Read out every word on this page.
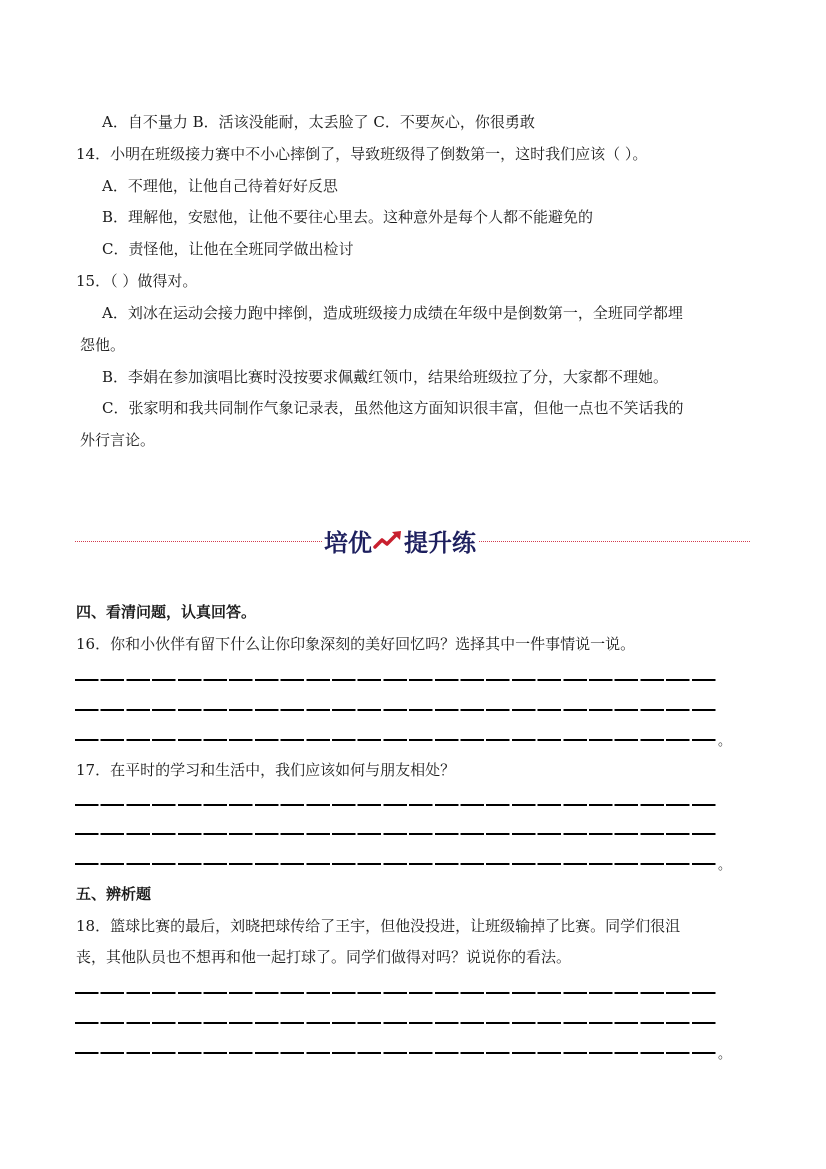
A．自不量力 B．活该没能耐，太丢脸了 C．不要灰心，你很勇敢
14．小明在班级接力赛中不小心摔倒了，导致班级得了倒数第一，这时我们应该（ ）。
A．不理他，让他自己待着好好反思
B．理解他，安慰他，让他不要往心里去。这种意外是每个人都不能避免的
C．责怪他，让他在全班同学做出检讨
15．（ ）做得对。
A．刘冰在运动会接力跑中摔倒，造成班级接力成绩在年级中是倒数第一，全班同学都埋
怨他。
B．李娟在参加演唱比赛时没按要求佩戴红领巾，结果给班级拉了分，大家都不理她。
C．张家明和我共同制作气象记录表，虽然他这方面知识很丰富，但他一点也不笑话我的
外行言论。
培优 提升练
四、看清问题，认真回答。
16．你和小伙伴有留下什么让你印象深刻的美好回忆吗？选择其中一件事情说一说。
。
17．在平时的学习和生活中，我们应该如何与朋友相处？
。
五、辨析题
18．篮球比赛的最后，刘晓把球传给了王宇，但他没投进，让班级输掉了比赛。同学们很沮
丧，其他队员也不想再和他一起打球了。同学们做得对吗？说说你的看法。
。
